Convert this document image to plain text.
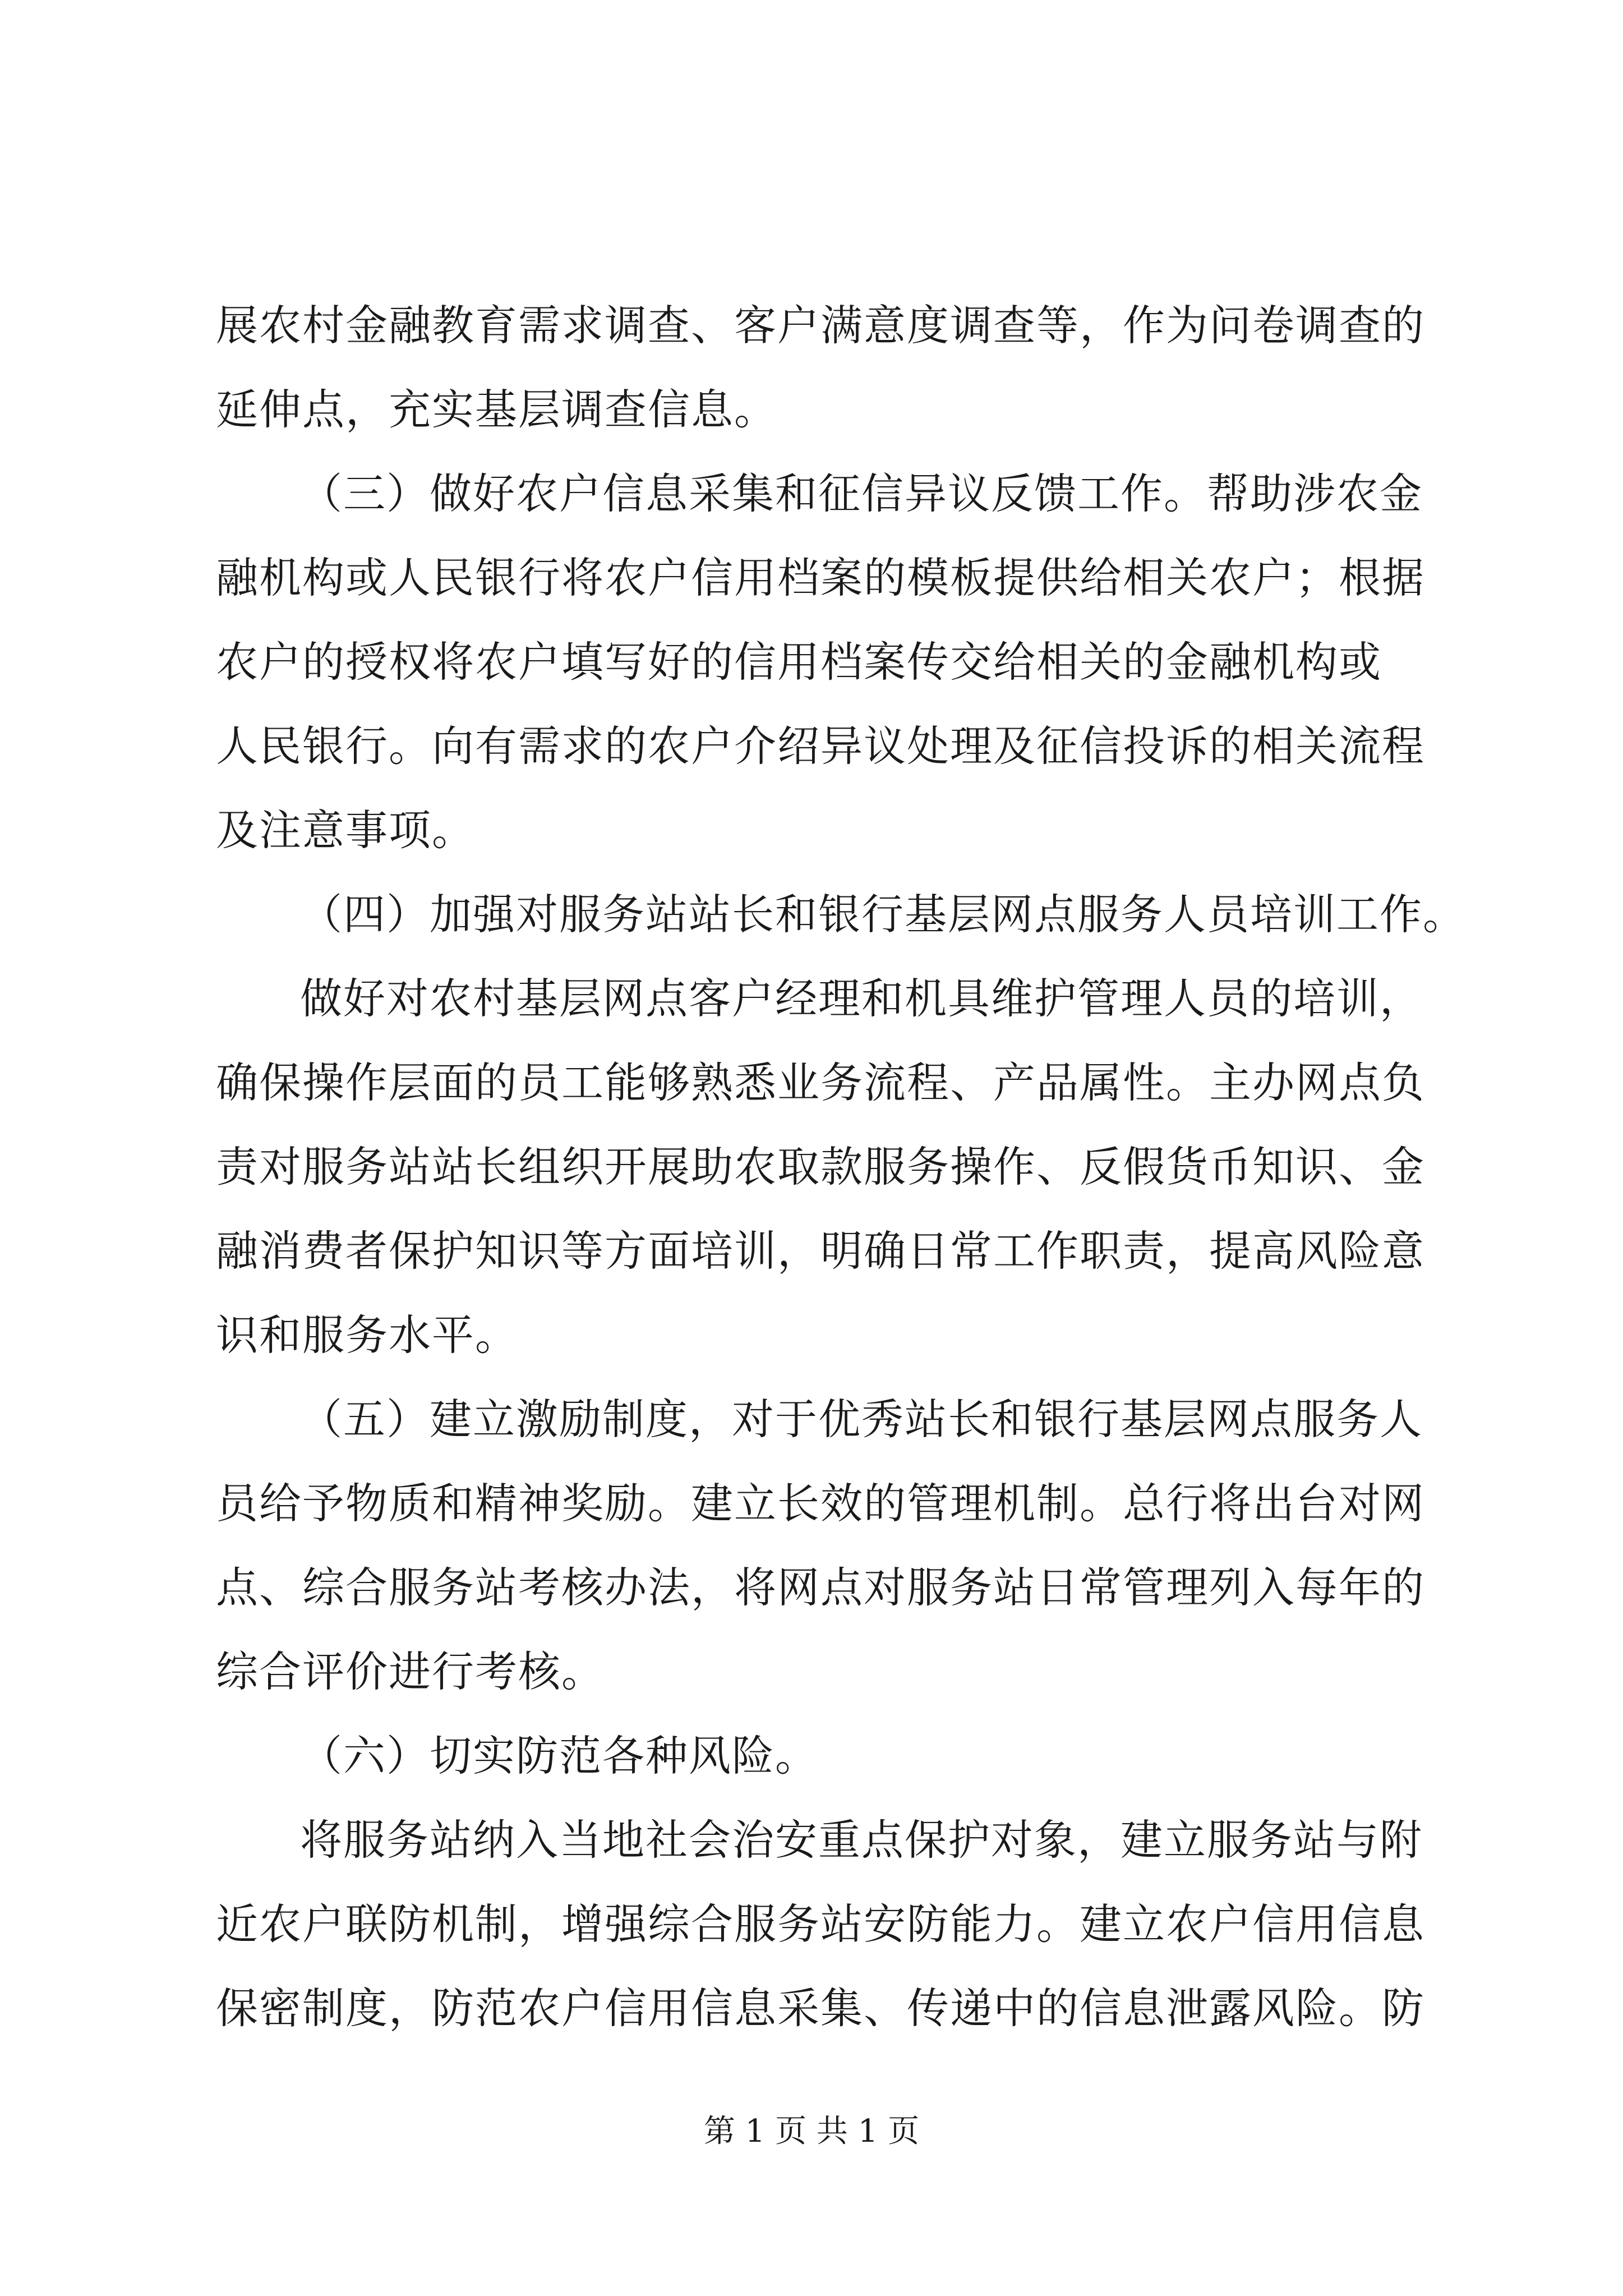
展农村金融教育需求调查、客户满意度调查等，作为问卷调查的
延伸点，充实基层调查信息。
（三）做好农户信息采集和征信异议反馈工作。帮助涉农金
融机构或人民银行将农户信用档案的模板提供给相关农户；根据
农户的授权将农户填写好的信用档案传交给相关的金融机构或
人民银行。向有需求的农户介绍异议处理及征信投诉的相关流程
及注意事项。
（四）加强对服务站站长和银行基层网点服务人员培训工作。
做好对农村基层网点客户经理和机具维护管理人员的培训，
确保操作层面的员工能够熟悉业务流程、产品属性。主办网点负
责对服务站站长组织开展助农取款服务操作、反假货币知识、金
融消费者保护知识等方面培训，明确日常工作职责，提高风险意
识和服务水平。
（五）建立激励制度，对于优秀站长和银行基层网点服务人
员给予物质和精神奖励。建立长效的管理机制。总行将出台对网
点、综合服务站考核办法，将网点对服务站日常管理列入每年的
综合评价进行考核。
（六）切实防范各种风险。
将服务站纳入当地社会治安重点保护对象，建立服务站与附
近农户联防机制，增强综合服务站安防能力。建立农户信用信息
保密制度，防范农户信用信息采集、传递中的信息泄露风险。防
第 1 页 共 1 页
